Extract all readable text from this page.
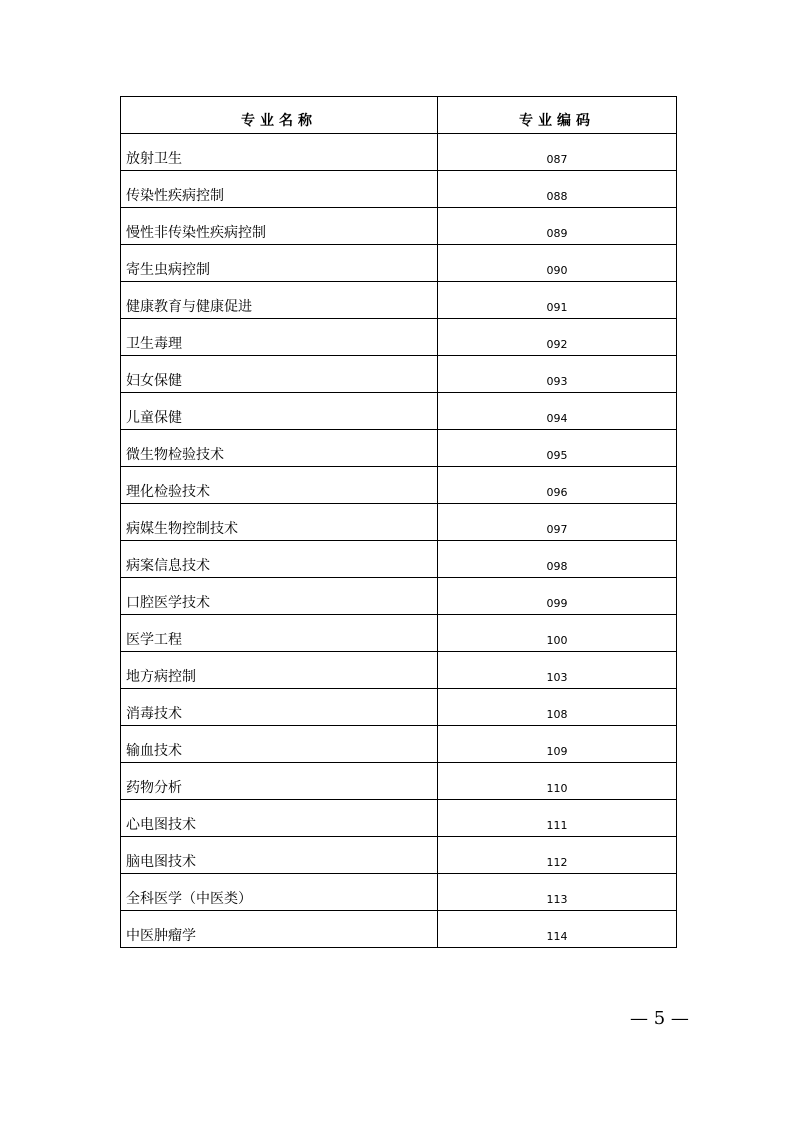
专业名称	专业编码
放射卫生	087
传染性疾病控制	088
慢性非传染性疾病控制	089
寄生虫病控制	090
健康教育与健康促进	091
卫生毒理	092
妇女保健	093
儿童保健	094
微生物检验技术	095
理化检验技术	096
病媒生物控制技术	097
病案信息技术	098
口腔医学技术	099
医学工程	100
地方病控制	103
消毒技术	108
输血技术	109
药物分析	110
心电图技术	111
脑电图技术	112
全科医学（中医类）	113
中医肿瘤学	114
— 5 —
